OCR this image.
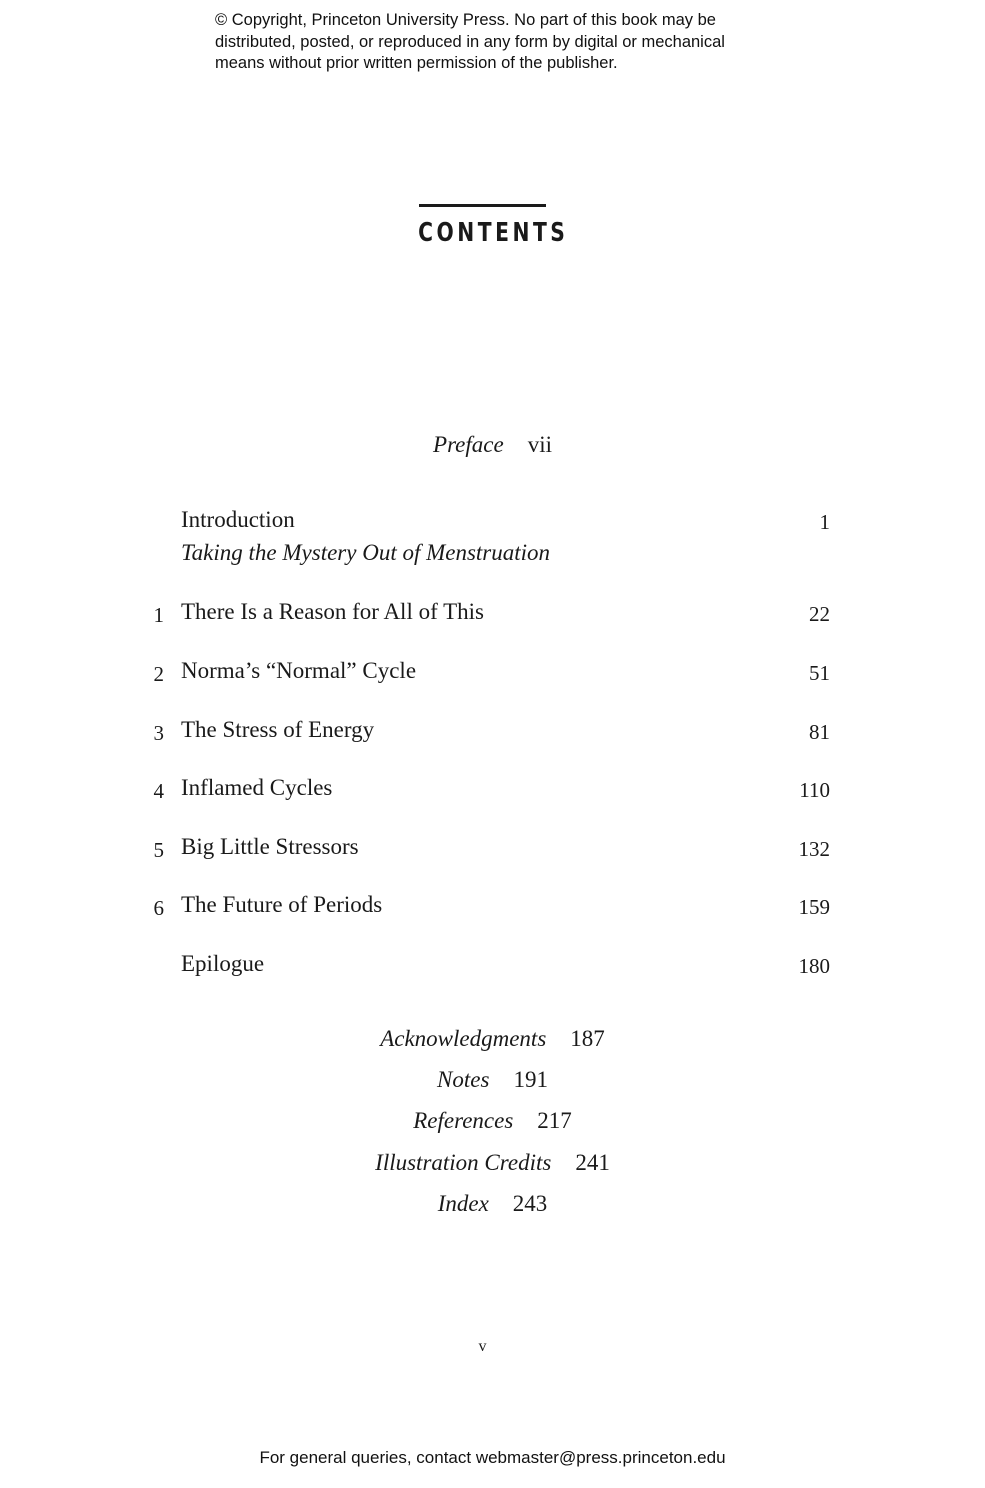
© Copyright, Princeton University Press. No part of this book may be
distributed, posted, or reproduced in any form by digital or mechanical
means without prior written permission of the publisher.
CONTENTS
Preface vii
Introduction	1
Taking the Mystery Out of Menstruation
1 There Is a Reason for All of This	22
2 Norma’s “Normal” Cycle	51
3 The Stress of Energy	81
4 Inflamed Cycles	110
5 Big Little Stressors	132
6 The Future of Periods	159
Epilogue	180
Acknowledgments 187
Notes 191
References 217
Illustration Credits 241
Index 243
v
For general queries, contact webmaster@press.princeton.edu
